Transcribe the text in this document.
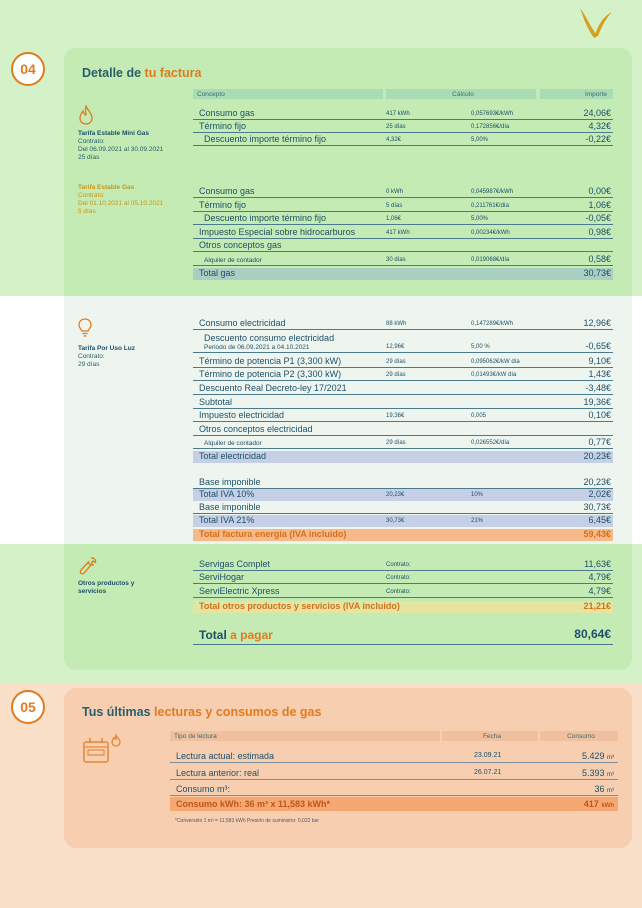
04	Detalle de tu factura
Concepto	Cálculo	Importe
Tarifa Estable Mini Gas
Contrato:
Del 06.09.2021 al 30.09.2021
25 días
Consumo gas	417 kWh	0,057693€/kWh	24,06€
Término fijo	25 días	0,172856€/día	4,32€
Descuento importe término fijo	4,32€	5,00%	-0,22€
Tarifa Estable Gas
Contrato:
Del 01.10.2021 al 05.10.2021
5 días
Consumo gas	0 kWh	0,045987€/kWh	0,00€
Término fijo	5 días	0,211761€/día	1,06€
Descuento importe término fijo	1,06€	5,00%	-0,05€
Impuesto Especial sobre hidrocarburos	417 kWh	0,00234€/kWh	0,98€
Otros conceptos gas
Alquiler de contador	30 días	0,019068€/día	0,58€
Total gas	30,73€
Tarifa Por Uso Luz
Contrato:
29 días
Consumo electricidad	88 kWh	0,147289€/kWh	12,96€
Descuento consumo electricidad
Periodo de 06.09.2021 a 04.10.2021	12,96€	5,00 %	-0,65€
Término de potencia P1 (3,300 kW)	29 días	0,095062€/kW día	9,10€
Término de potencia P2 (3,300 kW)	29 días	0,01493€/kW día	1,43€
Descuento Real Decreto-ley 17/2021	-3,48€
Subtotal	19,36€
Impuesto electricidad	19,36€	0,005	0,10€
Otros conceptos electricidad
Alquiler de contador	29 días	0,026552€/día	0,77€
Total electricidad	20,23€
Base imponible	20,23€
Total IVA 10%	20,23€	10%	2,02€
Base imponible	30,73€
Total IVA 21%	30,73€	21%	6,45€
Total factura energía (IVA incluido)	59,43€
Otros productos y servicios
Servigas Complet	Contrato:	11,63€
ServiHogar	Contrato:	4,79€
ServiElectric Xpress	Contrato:	4,79€
Total otros productos y servicios (IVA incluido)	21,21€
Total a pagar	80,64€
05	Tus últimas lecturas y consumos de gas
Tipo de lectura	Fecha	Consumo
Lectura actual: estimada	23.09.21	5.429 m³
Lectura anterior: real	26.07.21	5.393 m³
Consumo m³:	36 m³
Consumo kWh: 36 m³ x 11,583 kWh*	417 kWh
*Conversión 1 m³ = 11,583 kWh Presión de suministro: 0,022 bar
